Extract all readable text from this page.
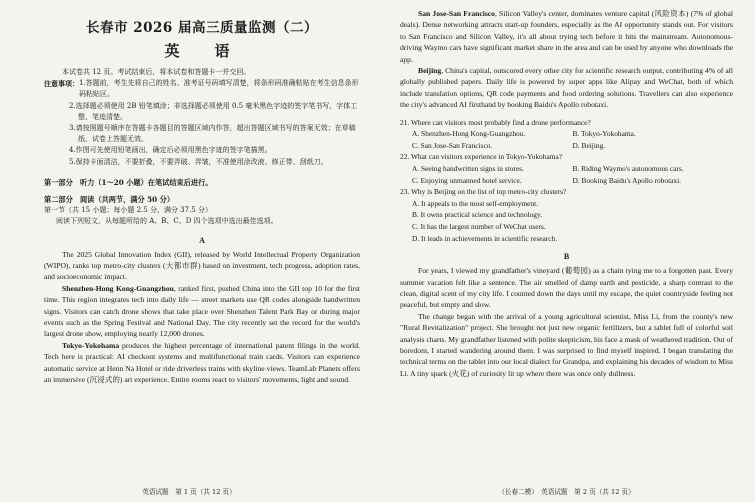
长春市 2026 届高三质量监测（二）
英　语
本试卷共 12 页。考试结束后，将本试卷和答题卡一并交回。
注意事项： 1.答题前，考生先将自己的姓名、准考证号码填写清楚，将条形码准确粘贴在考生信息条形码粘贴区。

2.选择题必须使用 2B 铅笔填涂；非选择题必须使用 0.5 毫米黑色字迹的签字笔书写，字体工整、笔迹清楚。

3.请按照题号顺序在答题卡各题目的答题区域内作答，超出答题区域书写的答案无效；在草稿纸、试卷上答题无效。

4.作图可先使用铅笔画出，确定后必须用黑色字迹的签字笔描黑。

5.保持卡面清洁，不要折叠，不要弄破、弄皱，不准使用涂改液、修正带、刮纸刀。

第一部分　听力（1～20 小题）在笔试结束后进行。
第二部分　阅读（共两节，满分 50 分）
第一节（共 15 小题；每小题 2.5 分，满分 37.5 分）
阅读下列短文，从每题所给的 A、B、C、D 四个选项中选出最佳选项。
A

The 2025 Global Innovation Index (GII), released by World Intellectual Property Organization (WIPO), ranks top metro-city clusters (大都市群) based on investment, tech progress, adoption rates, and socioeconomic impact.

Shenzhen-Hong Kong-Guangzhou, ranked first, pushed China into the GII top 10 for the first time. This region integrates tech into daily life — street markets use QR codes alongside handwritten signs. Visitors can catch drone shows that take place over Shenzhen Talent Park Bay or during major events such as the Spring Festival and National Day. The city recently set the record for the world's largest drone show, employing nearly 12,000 drones.

Tokyo-Yokohama produces the highest percentage of international patent filings in the world. Tech here is practical: AI checkout systems and multifunctional train cards. Visitors can experience automatic service at Henn Na Hotel or ride driverless trains with skyline views. TeamLab Planets offers an immersive (沉浸式的) art experience. Entire rooms react to visitors' movements, light and sound.

英语试题　第 1 页（共 12 页）

San Jose-San Francisco, Silicon Valley's center, dominates venture capital (风险资本) (7% of global deals). Dense networking attracts start-up founders, especially as the AI opportunity stands out. For visitors to San Francisco and Silicon Valley, it's all about trying tech before it hits the mainstream. Autonomous-driving Waymo cars have significant market share in the area and can be used by anyone who downloads the app.

Beijing, China's capital, outscored every other city for scientific research output, contributing 4% of all globally published papers. Daily life is powered by super apps like Alipay and WeChat, both of which include translation options, QR code payments and food ordering solutions. Travellers can also experience the city's advanced AI firsthand by booking Baidu's Apollo robotaxi.

21. Where can visitors most probably find a drone performance?

A. Shenzhen-Hong Kong-Guangzhou.	B. Tokyo-Yokohama.
C. San Jose-San Francisco.	D. Beijing.

22. What can visitors experience in Tokyo-Yokohama?

A. Seeing handwritten signs in stores.	B. Riding Waymo's autonomous cars.
C. Enjoying unmanned hotel service.	D. Booking Baidu's Apollo robotaxi.

23. Why is Beijing on the list of top metro-city clusters?

A. It appeals to the most self-employment.
B. It owns practical science and technology.
C. It has the largest number of WeChat users.
D. It leads in achievements in scientific research.
B

For years, I viewed my grandfather's vineyard (葡萄园) as a chain tying me to a forgotten past. Every summer vacation felt like a sentence. The air smelled of damp earth and pesticide, a sharp contrast to the clean, digital scent of my city life. I counted down the days until my escape, the quiet countryside feeling not peaceful, but empty and slow.

The change began with the arrival of a young agricultural scientist, Miss Li, from the county's new "Rural Revitalization" project. She brought not just new organic fertilizers, but a tablet full of colorful soil analysis charts. My grandfather listened with polite skepticism, his face a mask of weathered tradition. Out of boredom, I started wandering around them. I was surprised to find myself inspired. I began translating the technical terms on the tablet into our local dialect for Grandpa, and explaining his decades of wisdom to Miss Li. A tiny spark (火花) of curiosity lit up where there was once only dullness.

（长春二模）　英语试题　第 2 页（共 12 页）
